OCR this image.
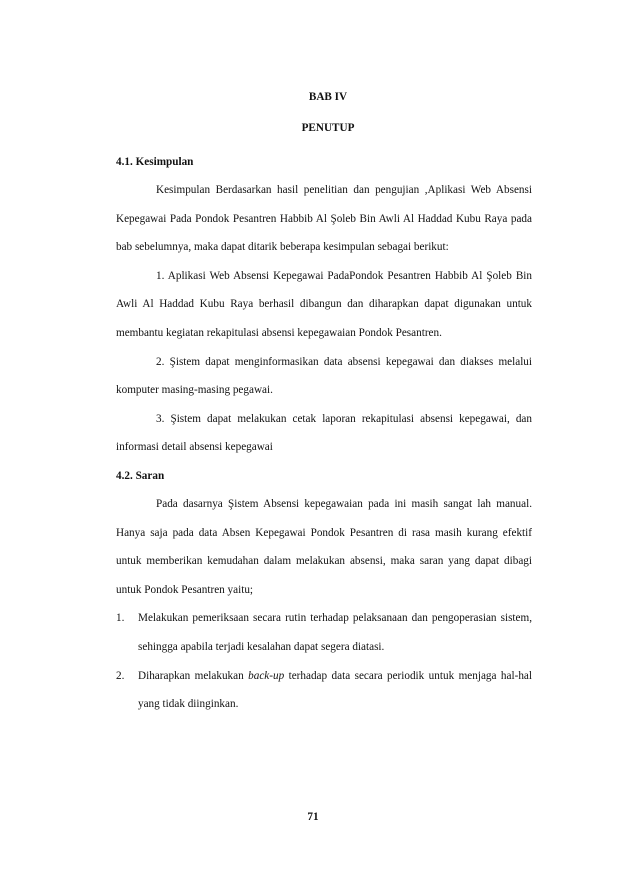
BAB IV
PENUTUP
4.1. Kesimpulan

Kesimpulan Berdasarkan hasil penelitian dan pengujian ,Aplikasi Web Absensi Kepegawai Pada Pondok Pesantren Habbib Al Şoleb Bin Awli Al Haddad Kubu Raya pada bab sebelumnya, maka dapat ditarik beberapa kesimpulan sebagai berikut:

1. Aplikasi Web Absensi Kepegawai PadaPondok Pesantren Habbib Al Şoleb Bin Awli Al Haddad Kubu Raya berhasil dibangun dan diharapkan dapat digunakan untuk membantu kegiatan rekapitulasi absensi kepegawaian Pondok Pesantren.

2. Şistem dapat menginformasikan data absensi kepegawai dan diakses melalui komputer masing-masing pegawai.

3. Şistem dapat melakukan cetak laporan rekapitulasi absensi kepegawai, dan informasi detail absensi kepegawai

4.2. Saran

Pada dasarnya Şistem Absensi kepegawaian pada ini masih sangat lah manual. Hanya saja pada data Absen Kepegawai Pondok Pesantren di rasa masih kurang efektif untuk memberikan kemudahan dalam melakukan absensi, maka saran yang dapat dibagi untuk Pondok Pesantren yaitu;

1.	Melakukan pemeriksaan secara rutin terhadap pelaksanaan dan pengoperasian sistem, sehingga apabila terjadi kesalahan dapat segera diatasi.
2.	Diharapkan melakukan back-up terhadap data secara periodik untuk menjaga hal-hal yang tidak diinginkan.
71
